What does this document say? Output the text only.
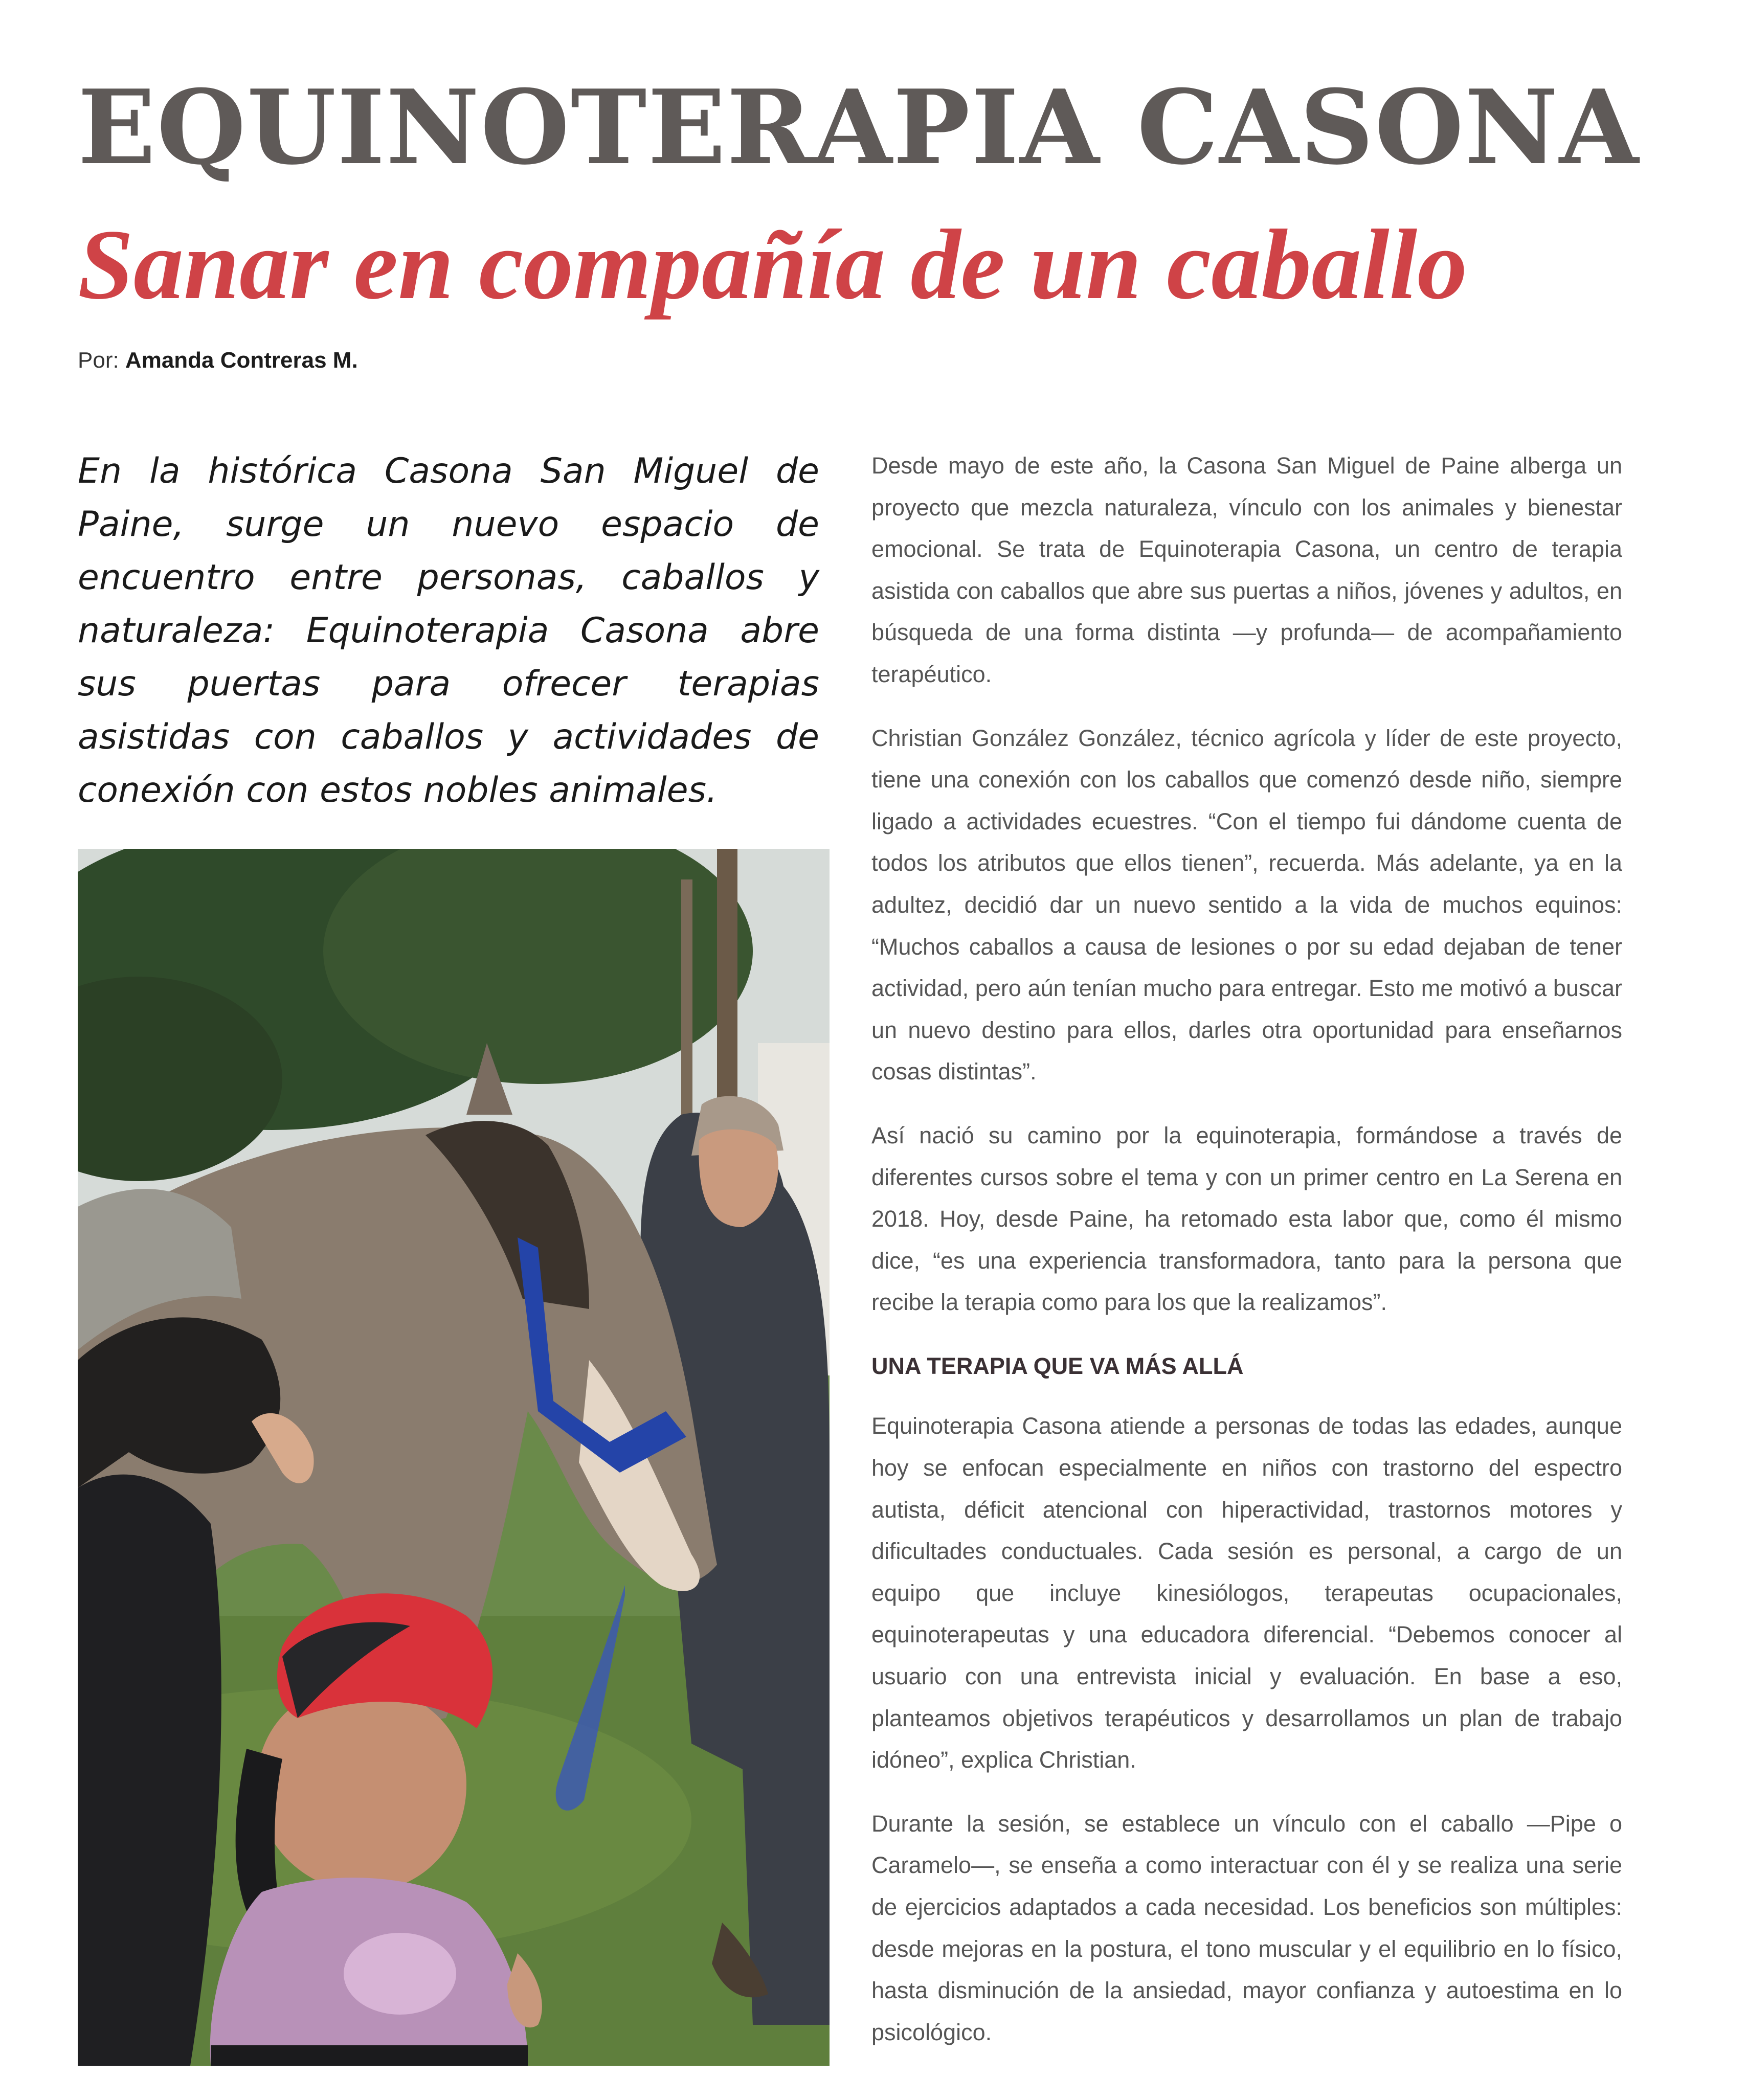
EQUINOTERAPIA CASONA
Sanar en compañía de un caballo
Por: Amanda Contreras M.

En la histórica Casona San Miguel de Paine, surge un nuevo espacio de encuentro entre personas, caballos y naturaleza: Equinoterapia Casona abre sus puertas para ofrecer terapias asistidas con caballos y actividades de conexión con estos nobles animales.

Desde mayo de este año, la Casona San Miguel de Paine alberga un proyecto que mezcla naturaleza, vínculo con los animales y bienestar emocional. Se trata de Equinoterapia Casona, un centro de terapia asistida con caballos que abre sus puertas a niños, jóvenes y adultos, en búsqueda de una forma distinta —y profunda— de acompañamiento terapéutico.

Christian González González, técnico agrícola y líder de este proyecto, tiene una conexión con los caballos que comenzó desde niño, siempre ligado a actividades ecuestres. “Con el tiempo fui dándome cuenta de todos los atributos que ellos tienen”, recuerda. Más adelante, ya en la adultez, decidió dar un nuevo sentido a la vida de muchos equinos: “Muchos caballos a causa de lesiones o por su edad dejaban de tener actividad, pero aún tenían mucho para entregar. Esto me motivó a buscar un nuevo destino para ellos, darles otra oportunidad para enseñarnos cosas distintas”.

Así nació su camino por la equinoterapia, formándose a través de diferentes cursos sobre el tema y con un primer centro en La Serena en 2018. Hoy, desde Paine, ha retomado esta labor que, como él mismo dice, “es una experiencia transformadora, tanto para la persona que recibe la terapia como para los que la realizamos”.

UNA TERAPIA QUE VA MÁS ALLÁ

Equinoterapia Casona atiende a personas de todas las edades, aunque hoy se enfocan especialmente en niños con trastorno del espectro autista, déficit atencional con hiperactividad, trastornos motores y dificultades conductuales. Cada sesión es personal, a cargo de un equipo que incluye kinesiólogos, terapeutas ocupacionales, equinoterapeutas y una educadora diferencial. “Debemos conocer al usuario con una entrevista inicial y evaluación. En base a eso, planteamos objetivos terapéuticos y desarrollamos un plan de trabajo idóneo”, explica Christian.

Durante la sesión, se establece un vínculo con el caballo —Pipe o Caramelo—, se enseña a como interactuar con él y se realiza una serie de ejercicios adaptados a cada necesidad. Los beneficios son múltiples: desde mejoras en la postura, el tono muscular y el equilibrio en lo físico, hasta disminución de la ansiedad, mayor confianza y autoestima en lo psicológico.
